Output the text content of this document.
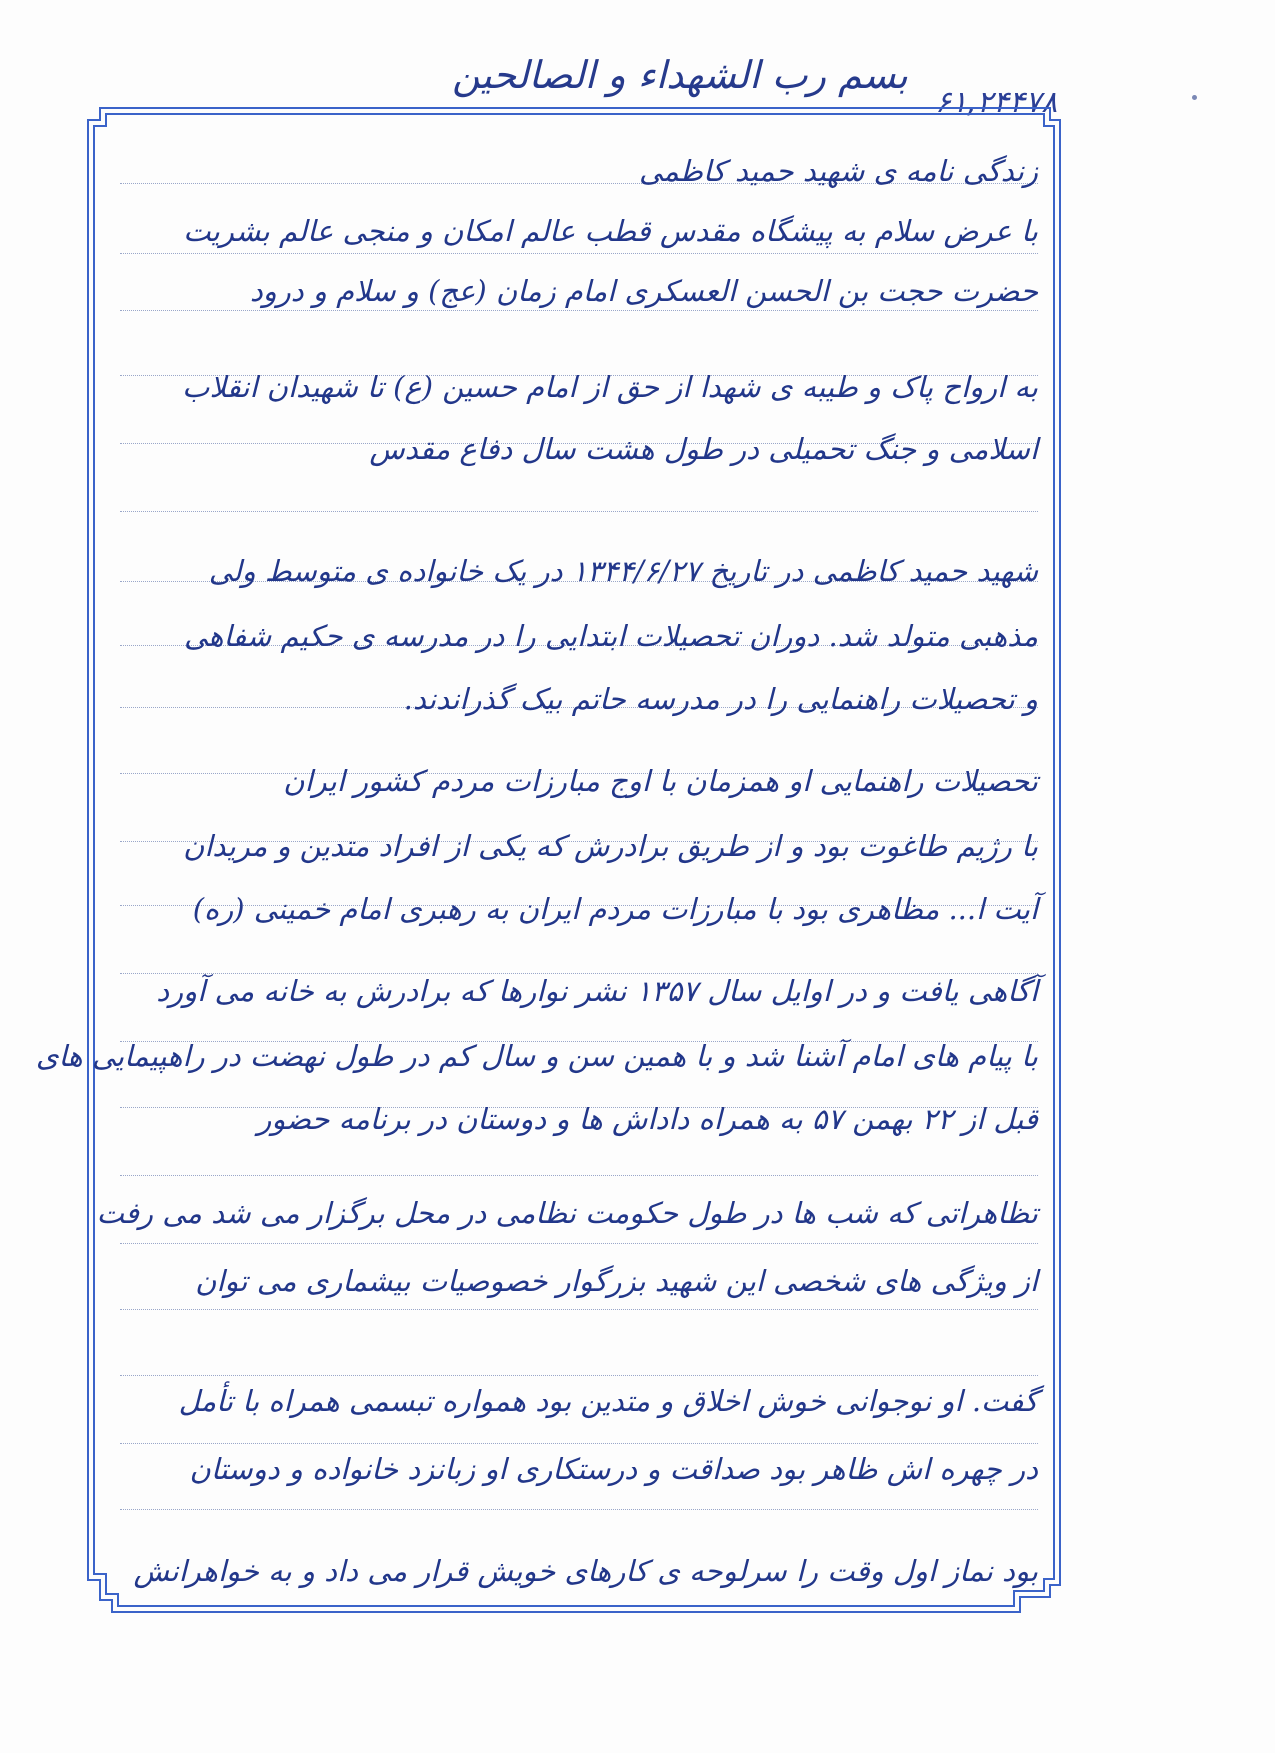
بسم رب الشهداء و الصالحين
۶۱,۲۴۴۷۸
زندگی نامه ی شهید حمید کاظمی
با عرض سلام به پیشگاه مقدس قطب عالم امکان و منجی عالم بشریت
حضرت حجت بن الحسن العسکری امام زمان (عج) و سلام و درود
به ارواح پاک و طیبه ی شهدا از حق از امام حسین (ع) تا شهیدان انقلاب
اسلامی و جنگ تحمیلی در طول هشت سال دفاع مقدس
شهید حمید کاظمی در تاریخ ۱۳۴۴/۶/۲۷ در یک خانواده ی متوسط ولی
مذهبی متولد شد. دوران تحصیلات ابتدایی را در مدرسه ی حکیم شفاهی
و تحصیلات راهنمایی را در مدرسه حاتم بیک گذراندند.
تحصیلات راهنمایی او همزمان با اوج مبارزات مردم کشور ایران
با رژیم طاغوت بود و از طریق برادرش که یکی از افراد متدین و مریدان
آیت ا... مظاهری بود با مبارزات مردم ایران به رهبری امام خمینی (ره)
آگاهی یافت و در اوایل سال ۱۳۵۷ نشر نوارها که برادرش به خانه می آورد
با پیام های امام آشنا شد و با همین سن و سال کم در طول نهضت در راهپیمایی های
قبل از ۲۲ بهمن ۵۷ به همراه داداش ها و دوستان در برنامه حضور
تظاهراتی که شب ها در طول حکومت نظامی در محل برگزار می شد می رفت
از ویژگی های شخصی این شهید بزرگوار خصوصیات بیشماری می توان
گفت. او نوجوانی خوش اخلاق و متدین بود همواره تبسمی همراه با تأمل
در چهره اش ظاهر بود صداقت و درستکاری او زبانزد خانواده و دوستان
بود نماز اول وقت را سرلوحه ی کارهای خویش قرار می داد و به خواهرانش
